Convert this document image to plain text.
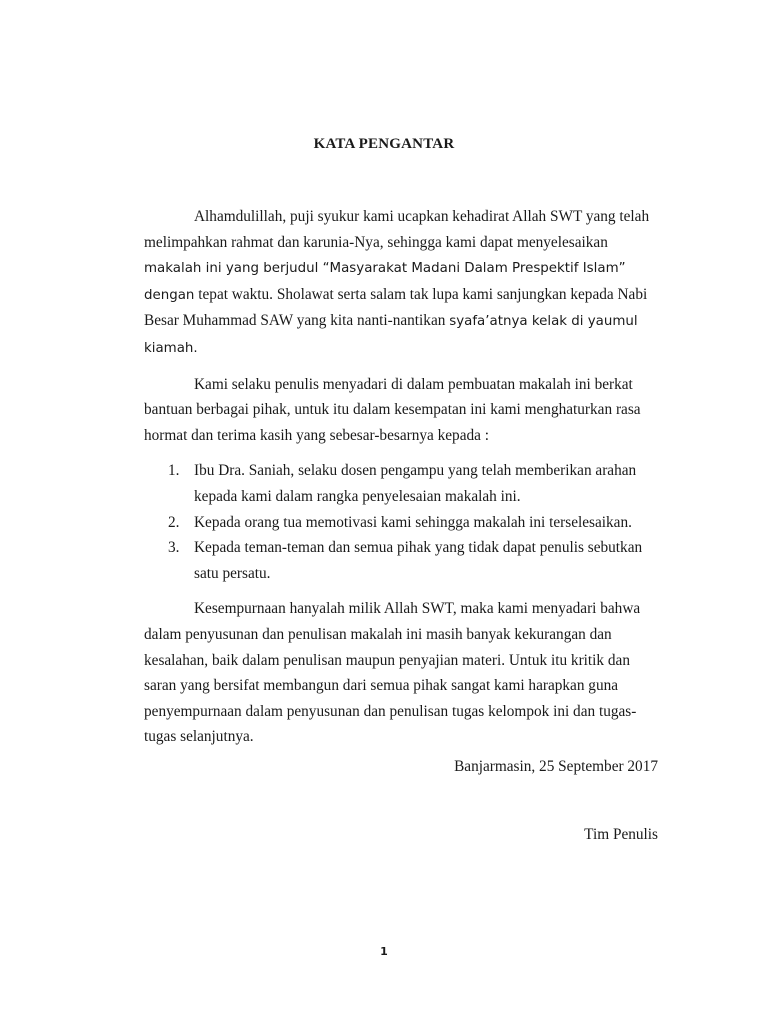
KATA PENGANTAR

Alhamdulillah, puji syukur kami ucapkan kehadirat Allah SWT yang telah melimpahkan rahmat dan karunia-Nya, sehingga kami dapat menyelesaikan makalah ini yang berjudul “Masyarakat Madani Dalam Prespektif Islam” dengan tepat waktu. Sholawat serta salam tak lupa kami sanjungkan kepada Nabi Besar Muhammad SAW yang kita nanti-nantikan syafa’atnya kelak di yaumul kiamah.

Kami selaku penulis menyadari di dalam pembuatan makalah ini berkat bantuan berbagai pihak, untuk itu dalam kesempatan ini kami menghaturkan rasa hormat dan terima kasih yang sebesar-besarnya kepada :

1. Ibu Dra. Saniah, selaku dosen pengampu yang telah memberikan arahan kepada kami dalam rangka penyelesaian makalah ini.
2. Kepada orang tua memotivasi kami sehingga makalah ini terselesaikan.
3. Kepada teman-teman dan semua pihak yang tidak dapat penulis sebutkan satu persatu.

Kesempurnaan hanyalah milik Allah SWT, maka kami menyadari bahwa dalam penyusunan dan penulisan makalah ini masih banyak kekurangan dan kesalahan, baik dalam penulisan maupun penyajian materi. Untuk itu kritik dan saran yang bersifat membangun dari semua pihak sangat kami harapkan guna penyempurnaan dalam penyusunan dan penulisan tugas kelompok ini dan tugas-tugas selanjutnya.

Banjarmasin, 25 September 2017
Tim Penulis
1
